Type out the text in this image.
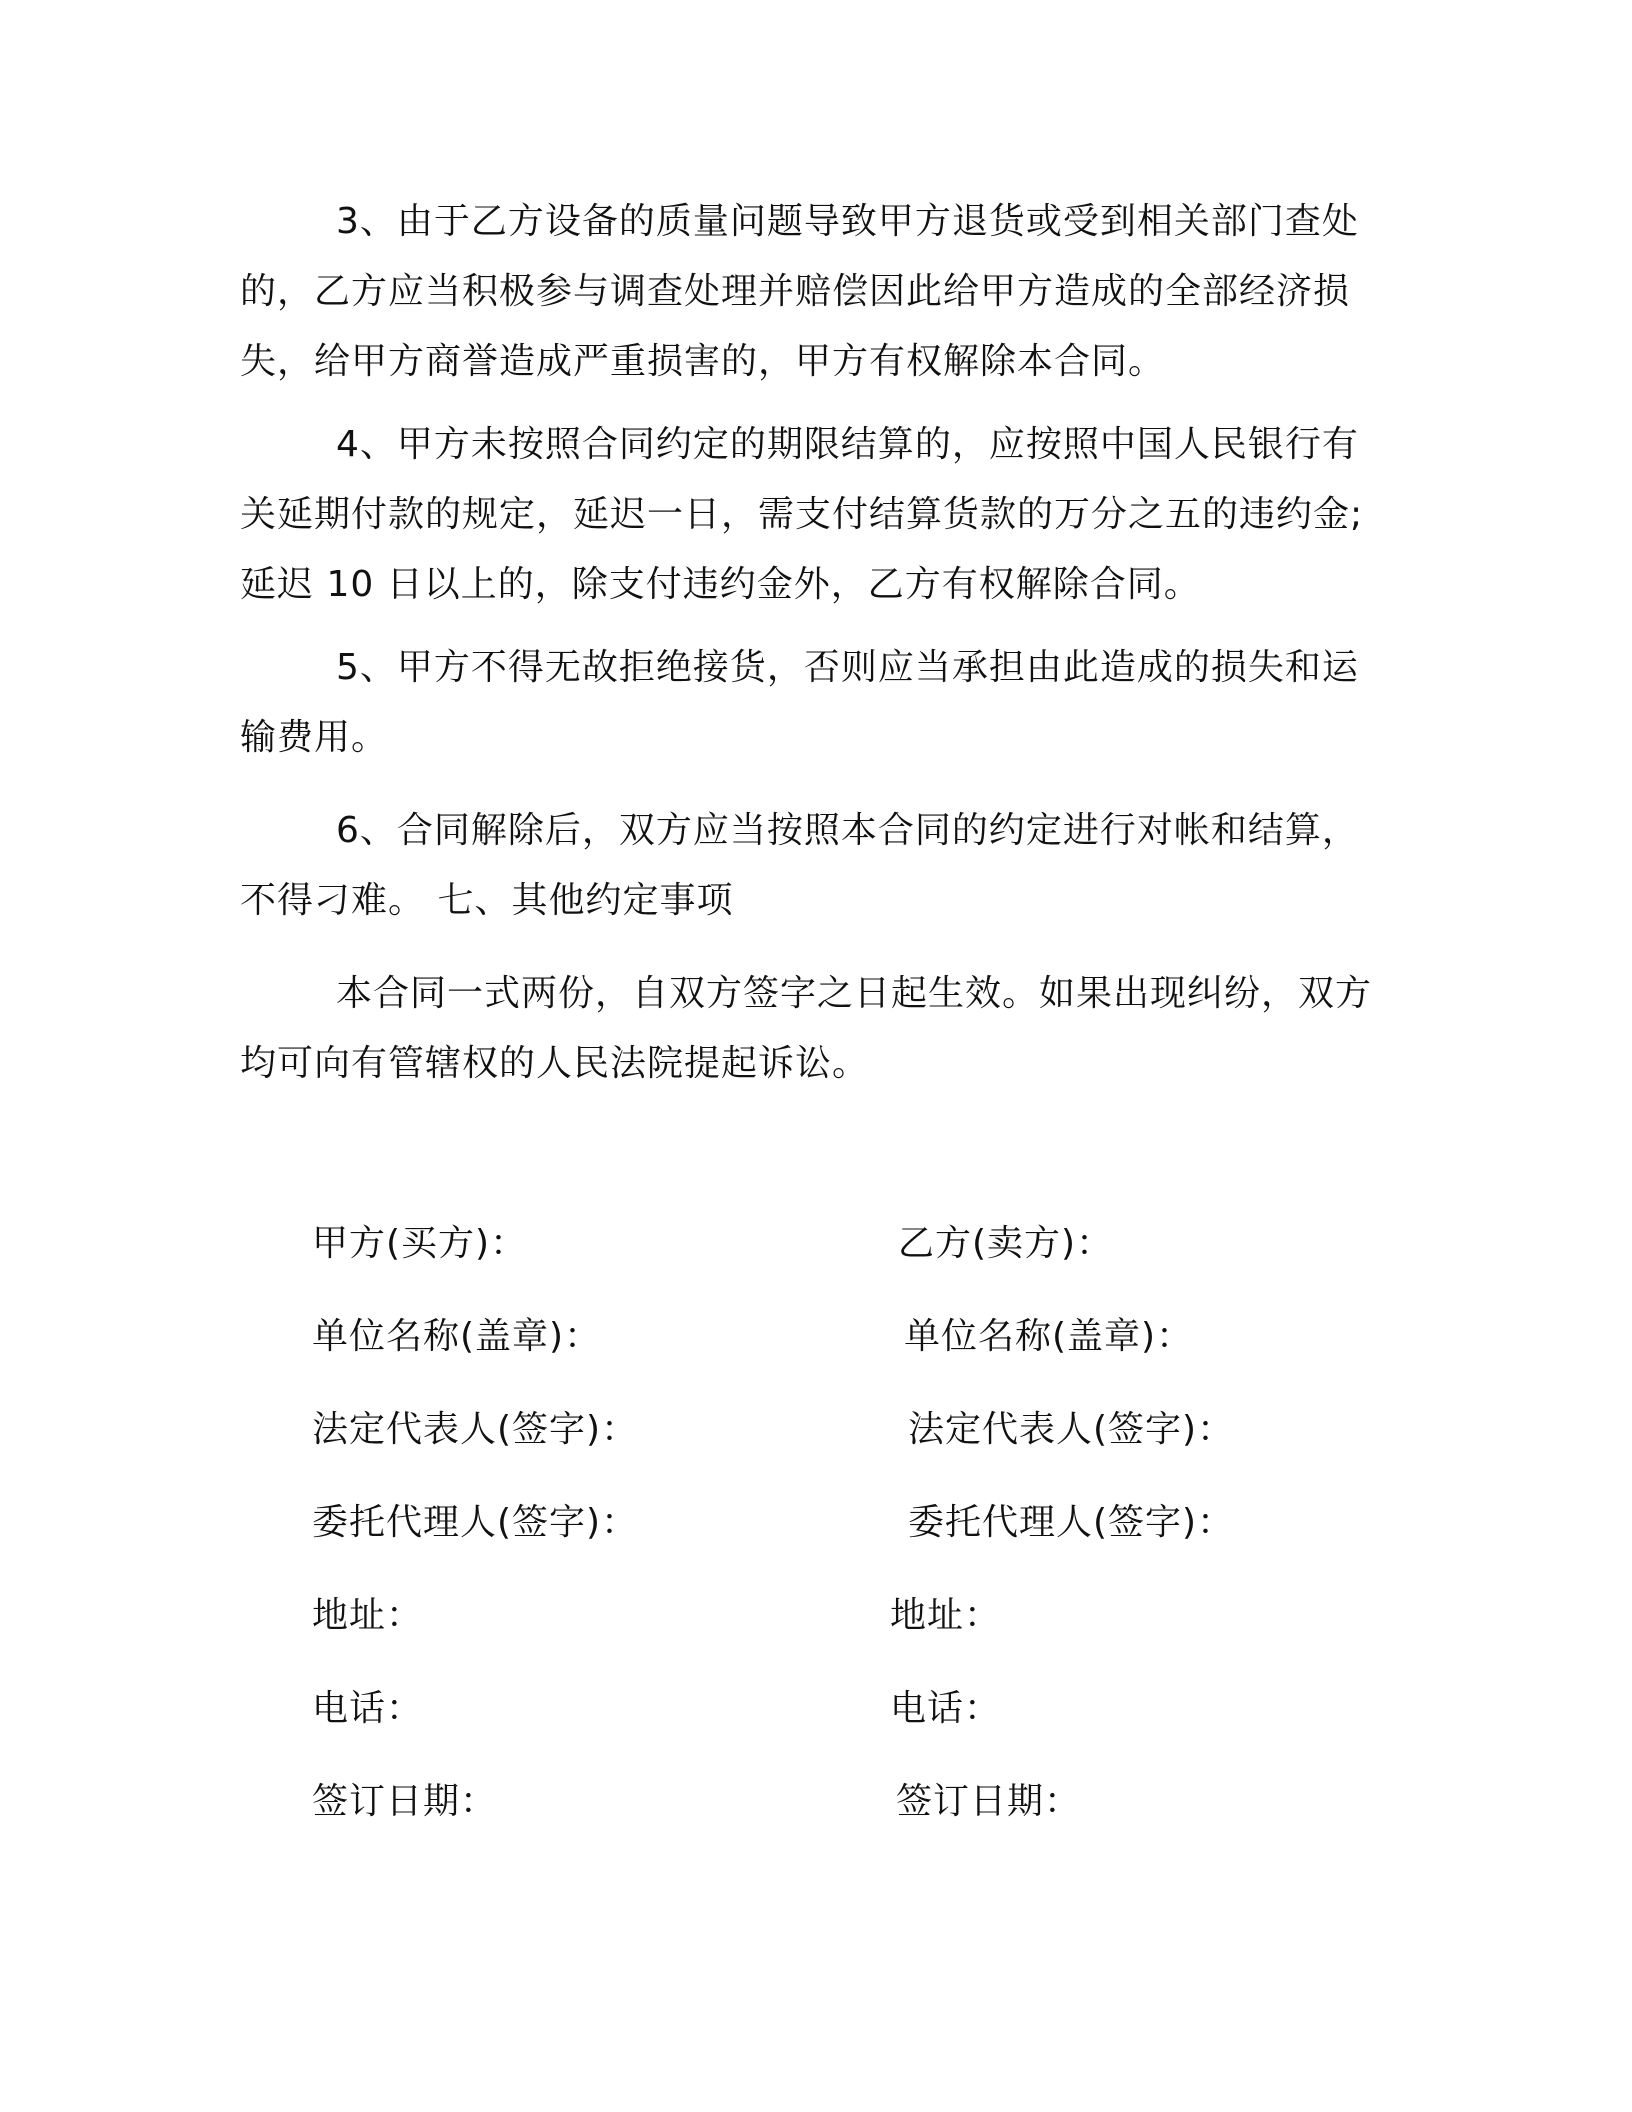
3、由于乙方设备的质量问题导致甲方退货或受到相关部门查处的，乙方应当积极参与调查处理并赔偿因此给甲方造成的全部经济损失，给甲方商誉造成严重损害的，甲方有权解除本合同。

4、甲方未按照合同约定的期限结算的，应按照中国人民银行有关延期付款的规定，延迟一日，需支付结算货款的万分之五的违约金; 延迟 10 日以上的，除支付违约金外，乙方有权解除合同。

5、甲方不得无故拒绝接货，否则应当承担由此造成的损失和运输费用。

6、合同解除后，双方应当按照本合同的约定进行对帐和结算，不得刁难。 七、其他约定事项

本合同一式两份，自双方签字之日起生效。如果出现纠纷，双方均可向有管辖权的人民法院提起诉讼。

甲方(买方)：

单位名称(盖章)：

法定代表人(签字)：

委托代理人(签字)：

地址：

电话：

签订日期：

乙方(卖方)：

单位名称(盖章)：

法定代表人(签字)：

委托代理人(签字)：

地址：

电话：

签订日期：
